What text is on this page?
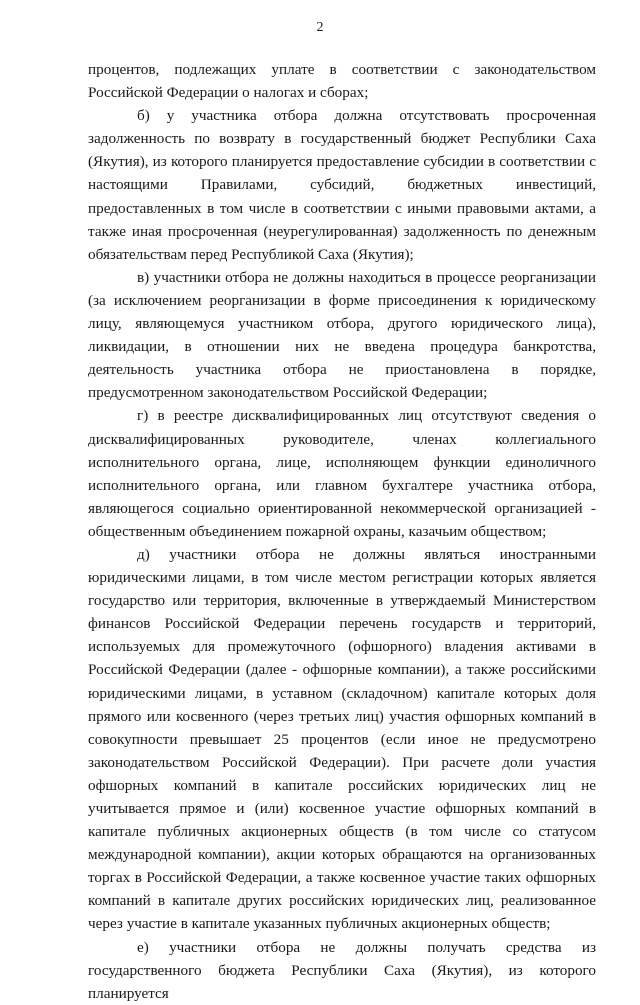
2

процентов, подлежащих уплате в соответствии с законодательством Российской Федерации о налогах и сборах;

б) у участника отбора должна отсутствовать просроченная задолженность по возврату в государственный бюджет Республики Саха (Якутия), из которого планируется предоставление субсидии в соответствии с настоящими Правилами, субсидий, бюджетных инвестиций, предоставленных в том числе в соответствии с иными правовыми актами, а также иная просроченная (неурегулированная) задолженность по денежным обязательствам перед Республикой Саха (Якутия);

в) участники отбора не должны находиться в процессе реорганизации (за исключением реорганизации в форме присоединения к юридическому лицу, являющемуся участником отбора, другого юридического лица), ликвидации, в отношении них не введена процедура банкротства, деятельность участника отбора не приостановлена в порядке, предусмотренном законодательством Российской Федерации;

г) в реестре дисквалифицированных лиц отсутствуют сведения о дисквалифицированных руководителе, членах коллегиального исполнительного органа, лице, исполняющем функции единоличного исполнительного органа, или главном бухгалтере участника отбора, являющегося социально ориентированной некоммерческой организацией - общественным объединением пожарной охраны, казачьим обществом;

д) участники отбора не должны являться иностранными юридическими лицами, в том числе местом регистрации которых является государство или территория, включенные в утверждаемый Министерством финансов Российской Федерации перечень государств и территорий, используемых для промежуточного (офшорного) владения активами в Российской Федерации (далее - офшорные компании), а также российскими юридическими лицами, в уставном (складочном) капитале которых доля прямого или косвенного (через третьих лиц) участия офшорных компаний в совокупности превышает 25 процентов (если иное не предусмотрено законодательством Российской Федерации). При расчете доли участия офшорных компаний в капитале российских юридических лиц не учитывается прямое и (или) косвенное участие офшорных компаний в капитале публичных акционерных обществ (в том числе со статусом международной компании), акции которых обращаются на организованных торгах в Российской Федерации, а также косвенное участие таких офшорных компаний в капитале других российских юридических лиц, реализованное через участие в капитале указанных публичных акционерных обществ;

е) участники отбора не должны получать средства из государственного бюджета Республики Саха (Якутия), из которого планируется
